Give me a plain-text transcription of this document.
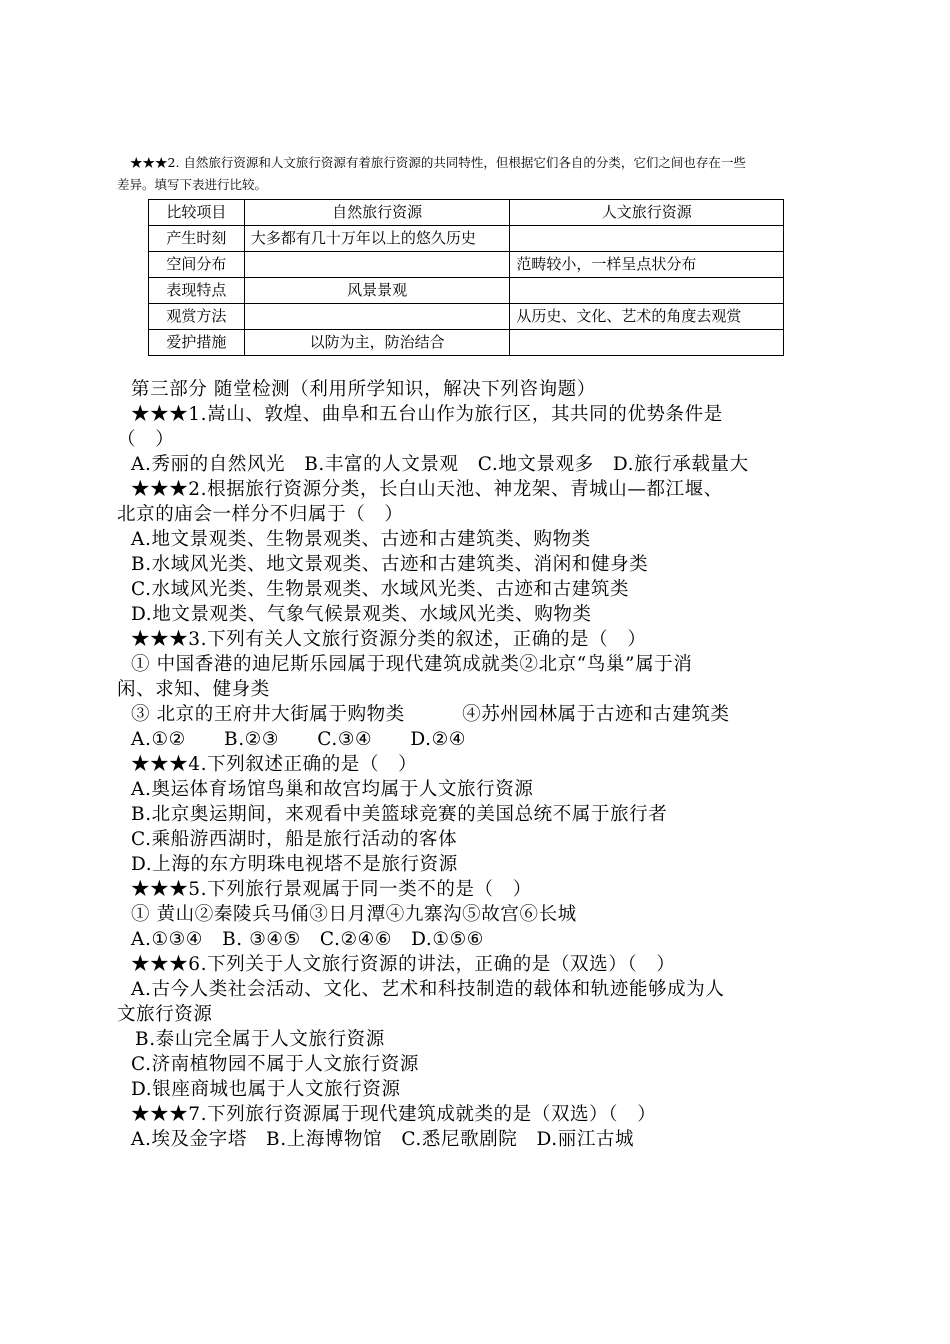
★★★2. 自然旅行资源和人文旅行资源有着旅行资源的共同特性，但根据它们各自的分类，它们之间也存在一些

差异。填写下表进行比较。

比较项目	自然旅行资源	人文旅行资源
产生时刻	大多都有几十万年以上的悠久历史	
空间分布		范畴较小，一样呈点状分布
表现特点	风景景观	
观赏方法		从历史、文化、艺术的角度去观赏
爱护措施	以防为主，防治结合	

第三部分 随堂检测（利用所学知识，解决下列咨询题）

★★★1.嵩山、敦煌、曲阜和五台山作为旅行区，其共同的优势条件是

（　）

A.秀丽的自然风光　B.丰富的人文景观　C.地文景观多　D.旅行承载量大

★★★2.根据旅行资源分类，长白山天池、神龙架、青城山—都江堰、

北京的庙会一样分不归属于（　）

A.地文景观类、生物景观类、古迹和古建筑类、购物类

B.水域风光类、地文景观类、古迹和古建筑类、消闲和健身类

C.水域风光类、生物景观类、水域风光类、古迹和古建筑类

D.地文景观类、气象气候景观类、水域风光类、购物类

★★★3.下列有关人文旅行资源分类的叙述，正确的是（　）

① 中国香港的迪尼斯乐园属于现代建筑成就类②北京“鸟巢”属于消

闲、求知、健身类

③ 北京的王府井大街属于购物类　　　④苏州园林属于古迹和古建筑类

A.①②　　B.②③　　C.③④　　D.②④

★★★4.下列叙述正确的是（　）

A.奥运体育场馆鸟巢和故宫均属于人文旅行资源

B.北京奥运期间，来观看中美篮球竞赛的美国总统不属于旅行者

C.乘船游西湖时，船是旅行活动的客体

D.上海的东方明珠电视塔不是旅行资源

★★★5.下列旅行景观属于同一类不的是（　）

① 黄山②秦陵兵马俑③日月潭④九寨沟⑤故宫⑥长城

A.①③④　B. ③④⑤　C.②④⑥　D.①⑤⑥

★★★6.下列关于人文旅行资源的讲法，正确的是（双选）（　）

A.古今人类社会活动、文化、艺术和科技制造的载体和轨迹能够成为人

文旅行资源

B.泰山完全属于人文旅行资源

C.济南植物园不属于人文旅行资源

D.银座商城也属于人文旅行资源

★★★7.下列旅行资源属于现代建筑成就类的是（双选）（　）

A.埃及金字塔　B.上海博物馆　C.悉尼歌剧院　D.丽江古城
